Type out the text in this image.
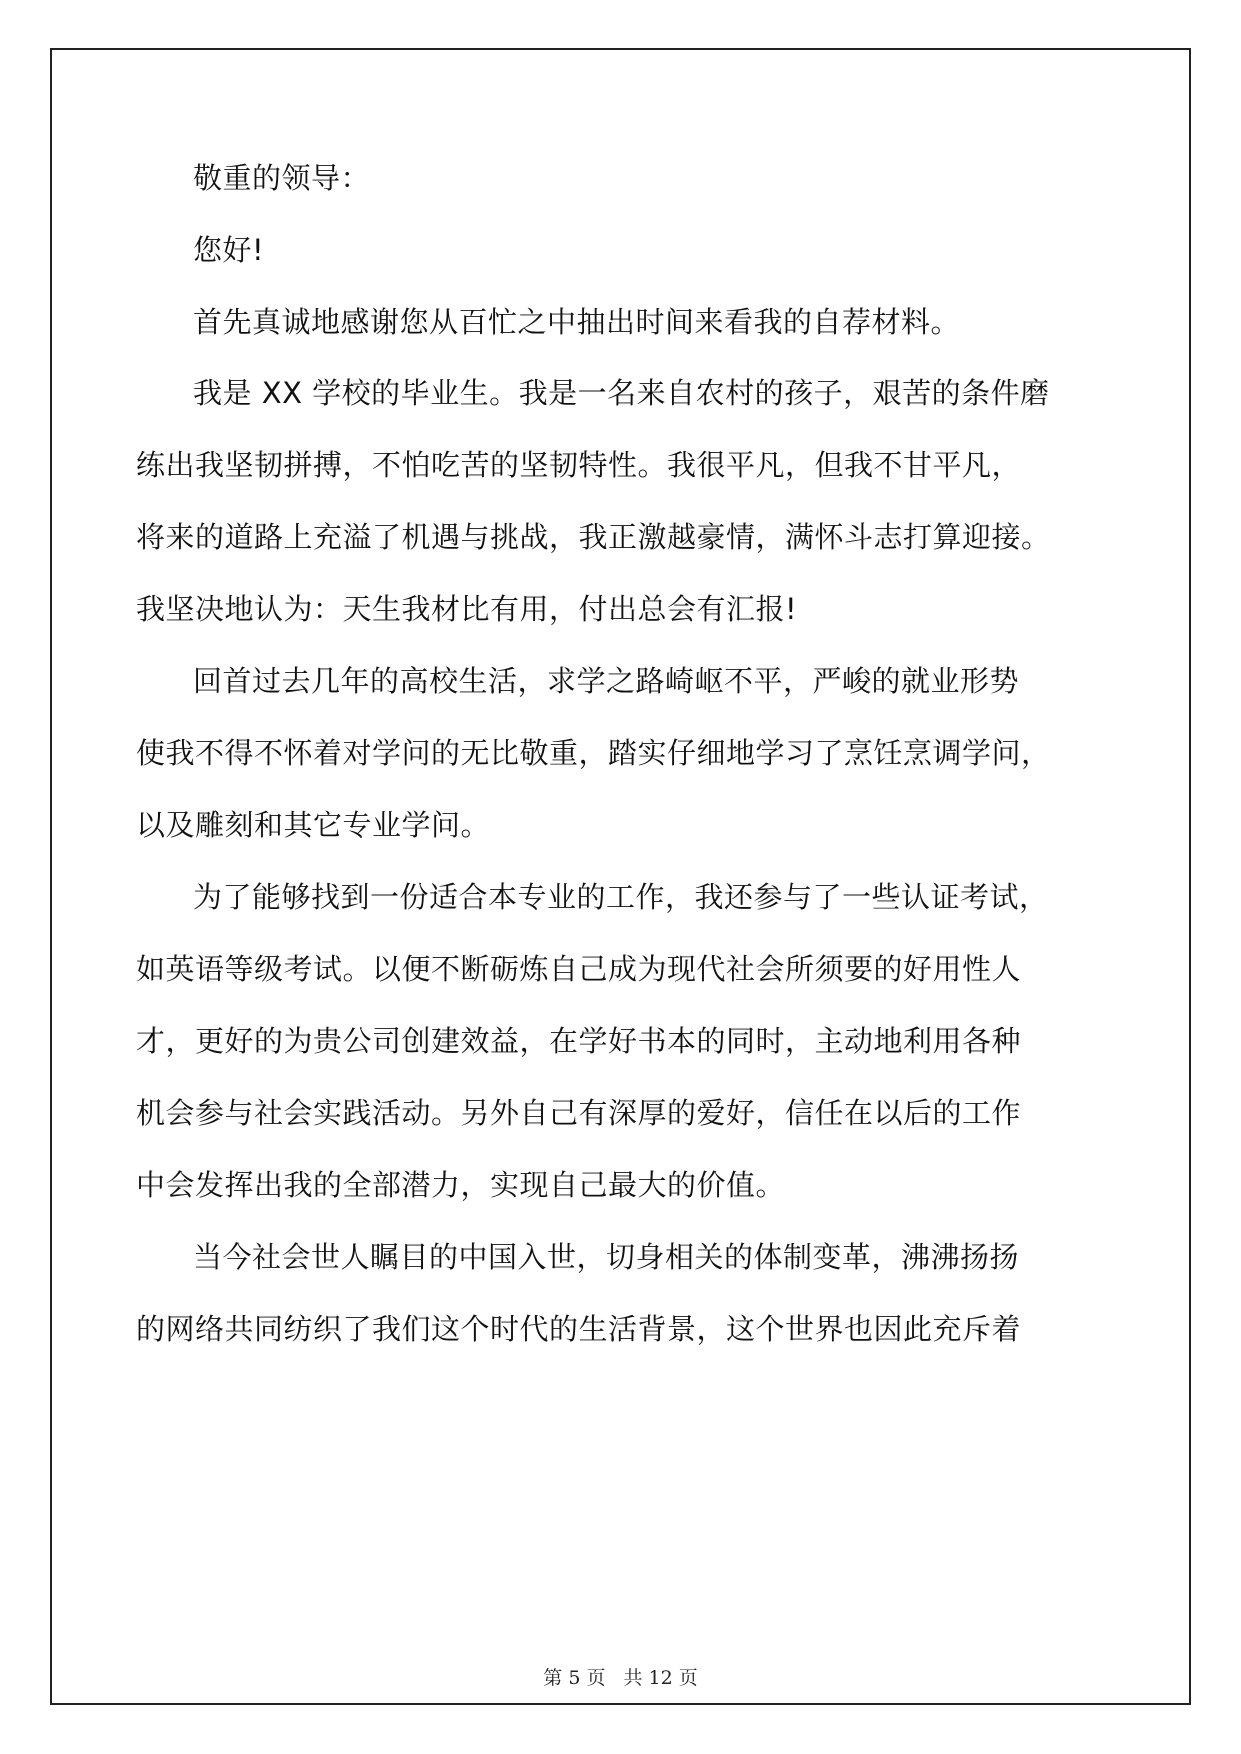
敬重的领导：
您好!
首先真诚地感谢您从百忙之中抽出时间来看我的自荐材料。
我是 XX 学校的毕业生。我是一名来自农村的孩子，艰苦的条件磨
练出我坚韧拼搏，不怕吃苦的坚韧特性。我很平凡，但我不甘平凡，
将来的道路上充溢了机遇与挑战，我正激越豪情，满怀斗志打算迎接。
我坚决地认为：天生我材比有用，付出总会有汇报!
回首过去几年的高校生活，求学之路崎岖不平，严峻的就业形势
使我不得不怀着对学问的无比敬重，踏实仔细地学习了烹饪烹调学问，
以及雕刻和其它专业学问。
为了能够找到一份适合本专业的工作，我还参与了一些认证考试，
如英语等级考试。以便不断砺炼自己成为现代社会所须要的好用性人
才，更好的为贵公司创建效益，在学好书本的同时，主动地利用各种
机会参与社会实践活动。另外自己有深厚的爱好，信任在以后的工作
中会发挥出我的全部潜力，实现自己最大的价值。
当今社会世人瞩目的中国入世，切身相关的体制变革，沸沸扬扬
的网络共同纺织了我们这个时代的生活背景，这个世界也因此充斥着
第 5 页 共 12 页
